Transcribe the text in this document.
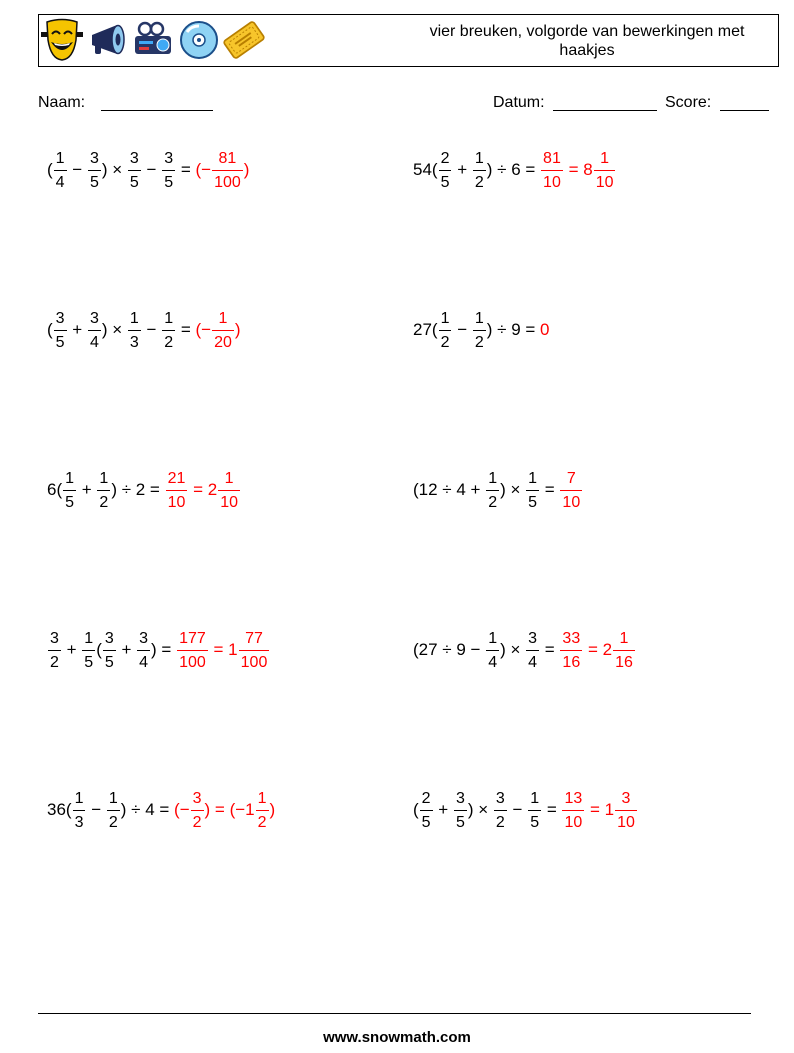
vier breuken, volgorde van bewerkingen met haakjes
Naam:	Datum:	Score:
( $\frac{1}{4} - \frac{3}{5}$ ) × $\frac{3}{5} - \frac{3}{5}$ = (− $\frac{81}{100}$ )	$54( \frac{2}{5} + \frac{1}{2}$ ) ÷ $6 = \frac{81}{10} = 8 \frac{1}{10}$
( $\frac{3}{5} + \frac{3}{4}$ ) × $\frac{1}{3} - \frac{1}{2}$ = (− $\frac{1}{20}$ )	$27( \frac{1}{2} - \frac{1}{2}$ ) ÷ 9 = 0
$6( \frac{1}{5} + \frac{1}{2}$ ) ÷ $2 = \frac{21}{10} = 2 \frac{1}{10}$	($12 \div 4 + \frac{1}{2}$ ) × $\frac{1}{5} = \frac{7}{10}$
$\frac{3}{2} + \frac{1}{5}$ ( $\frac{3}{5} + \frac{3}{4}$ ) = $\frac{177}{100} = 1 \frac{77}{100}$	($27 \div 9 - \frac{1}{4}$ ) × $\frac{3}{4} = \frac{33}{16} = 2 \frac{1}{16}$
$36( \frac{1}{3} - \frac{1}{2}$ ) ÷ 4 = (− $\frac{3}{2}$ ) = ($-1 \frac{1}{2}$ )	( $\frac{2}{5} + \frac{3}{5}$ ) × $\frac{3}{2} - \frac{1}{5} = \frac{13}{10} = 1 \frac{3}{10}$
www.snowmath.com
